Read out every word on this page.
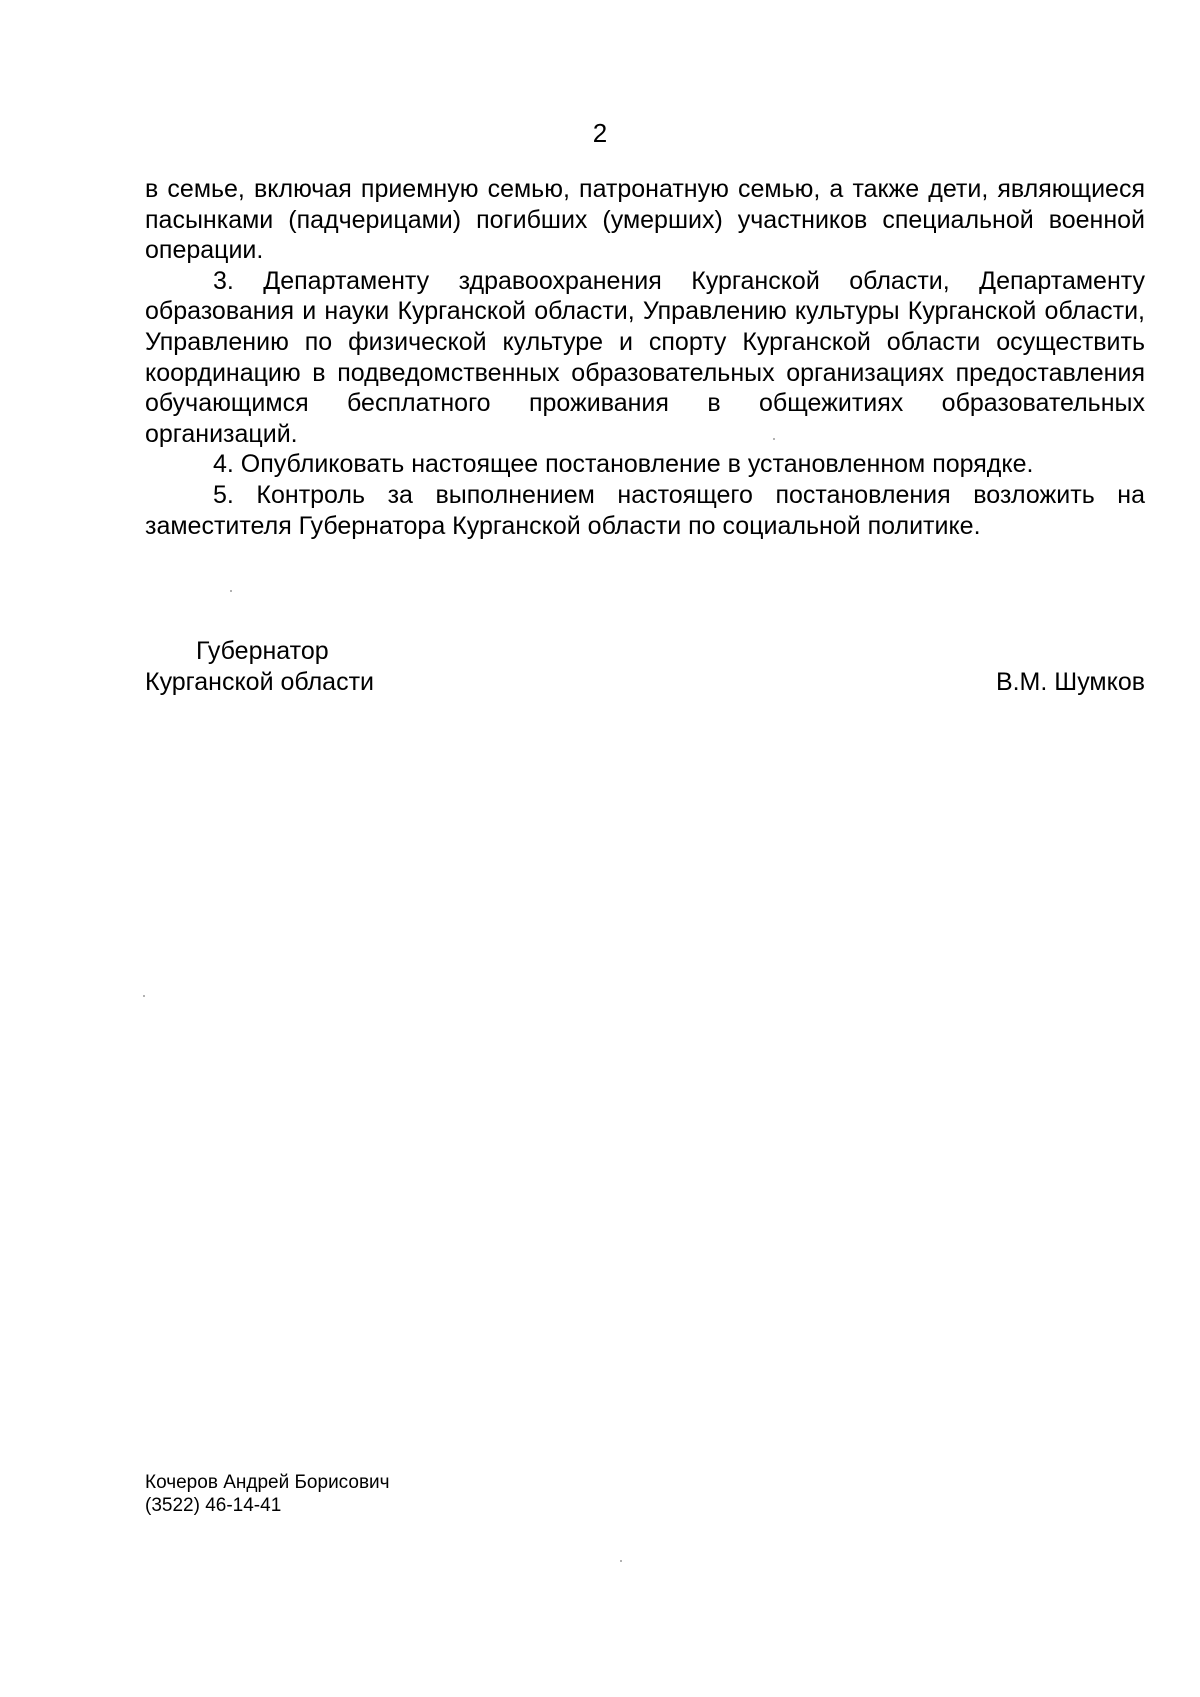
2

в семье, включая приемную семью, патронатную семью, а также дети, являющиеся пасынками (падчерицами) погибших (умерших) участников специальной военной операции.

3. Департаменту здравоохранения Курганской области, Департаменту образования и науки Курганской области, Управлению культуры Курганской области, Управлению по физической культуре и спорту Курганской области осуществить координацию в подведомственных образовательных организациях предоставления обучающимся бесплатного проживания в общежитиях образовательных организаций.

4. Опубликовать настоящее постановление в установленном порядке.

5. Контроль за выполнением настоящего постановления возложить на заместителя Губернатора Курганской области по социальной политике.

Губернатор
Курганской области	В.М. Шумков
Кочеров Андрей Борисович
(3522) 46-14-41
